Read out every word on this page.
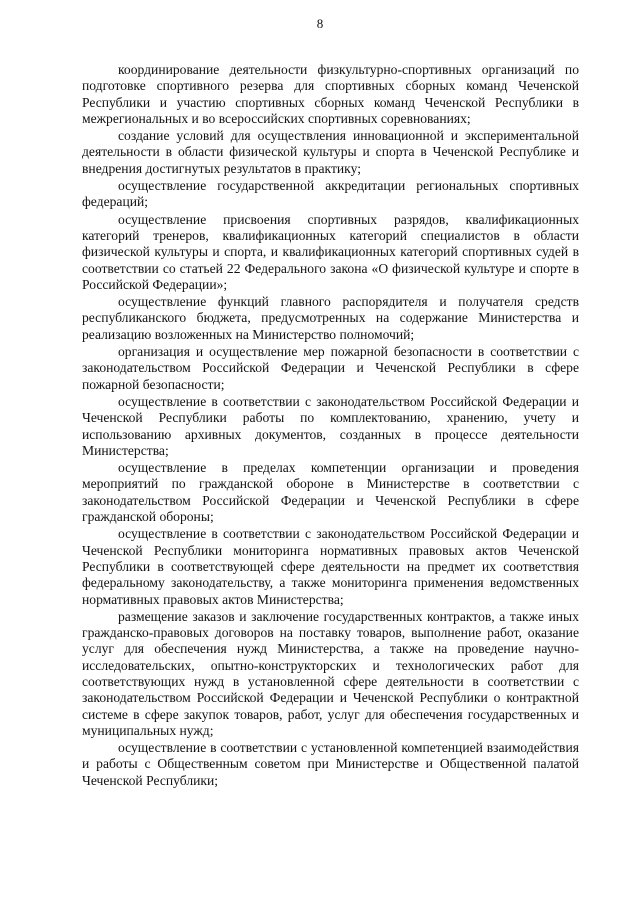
8

координирование деятельности физкультурно-спортивных организаций по подготовке спортивного резерва для спортивных сборных команд Чеченской Республики и участию спортивных сборных команд Чеченской Республики в межрегиональных и во всероссийских спортивных соревнованиях;

создание условий для осуществления инновационной и экспериментальной деятельности в области физической культуры и спорта в Чеченской Республике и внедрения достигнутых результатов в практику;

осуществление государственной аккредитации региональных спортивных федераций;

осуществление присвоения спортивных разрядов, квалификационных категорий тренеров, квалификационных категорий специалистов в области физической культуры и спорта, и квалификационных категорий спортивных судей в соответствии со статьей 22 Федерального закона «О физической культуре и спорте в Российской Федерации»;

осуществление функций главного распорядителя и получателя средств республиканского бюджета, предусмотренных на содержание Министерства и реализацию возложенных на Министерство полномочий;

организация и осуществление мер пожарной безопасности в соответствии с законодательством Российской Федерации и Чеченской Республики в сфере пожарной безопасности;

осуществление в соответствии с законодательством Российской Федерации и Чеченской Республики работы по комплектованию, хранению, учету и использованию архивных документов, созданных в процессе деятельности Министерства;

осуществление в пределах компетенции организации и проведения мероприятий по гражданской обороне в Министерстве в соответствии с законодательством Российской Федерации и Чеченской Республики в сфере гражданской обороны;

осуществление в соответствии с законодательством Российской Федерации и Чеченской Республики мониторинга нормативных правовых актов Чеченской Республики в соответствующей сфере деятельности на предмет их соответствия федеральному законодательству, а также мониторинга применения ведомственных нормативных правовых актов Министерства;

размещение заказов и заключение государственных контрактов, а также иных гражданско-правовых договоров на поставку товаров, выполнение работ, оказание услуг для обеспечения нужд Министерства, а также на проведение научно-исследовательских, опытно-конструкторских и технологических работ для соответствующих нужд в установленной сфере деятельности в соответствии с законодательством Российской Федерации и Чеченской Республики о контрактной системе в сфере закупок товаров, работ, услуг для обеспечения государственных и муниципальных нужд;

осуществление в соответствии с установленной компетенцией взаимодействия и работы с Общественным советом при Министерстве и Общественной палатой Чеченской Республики;
